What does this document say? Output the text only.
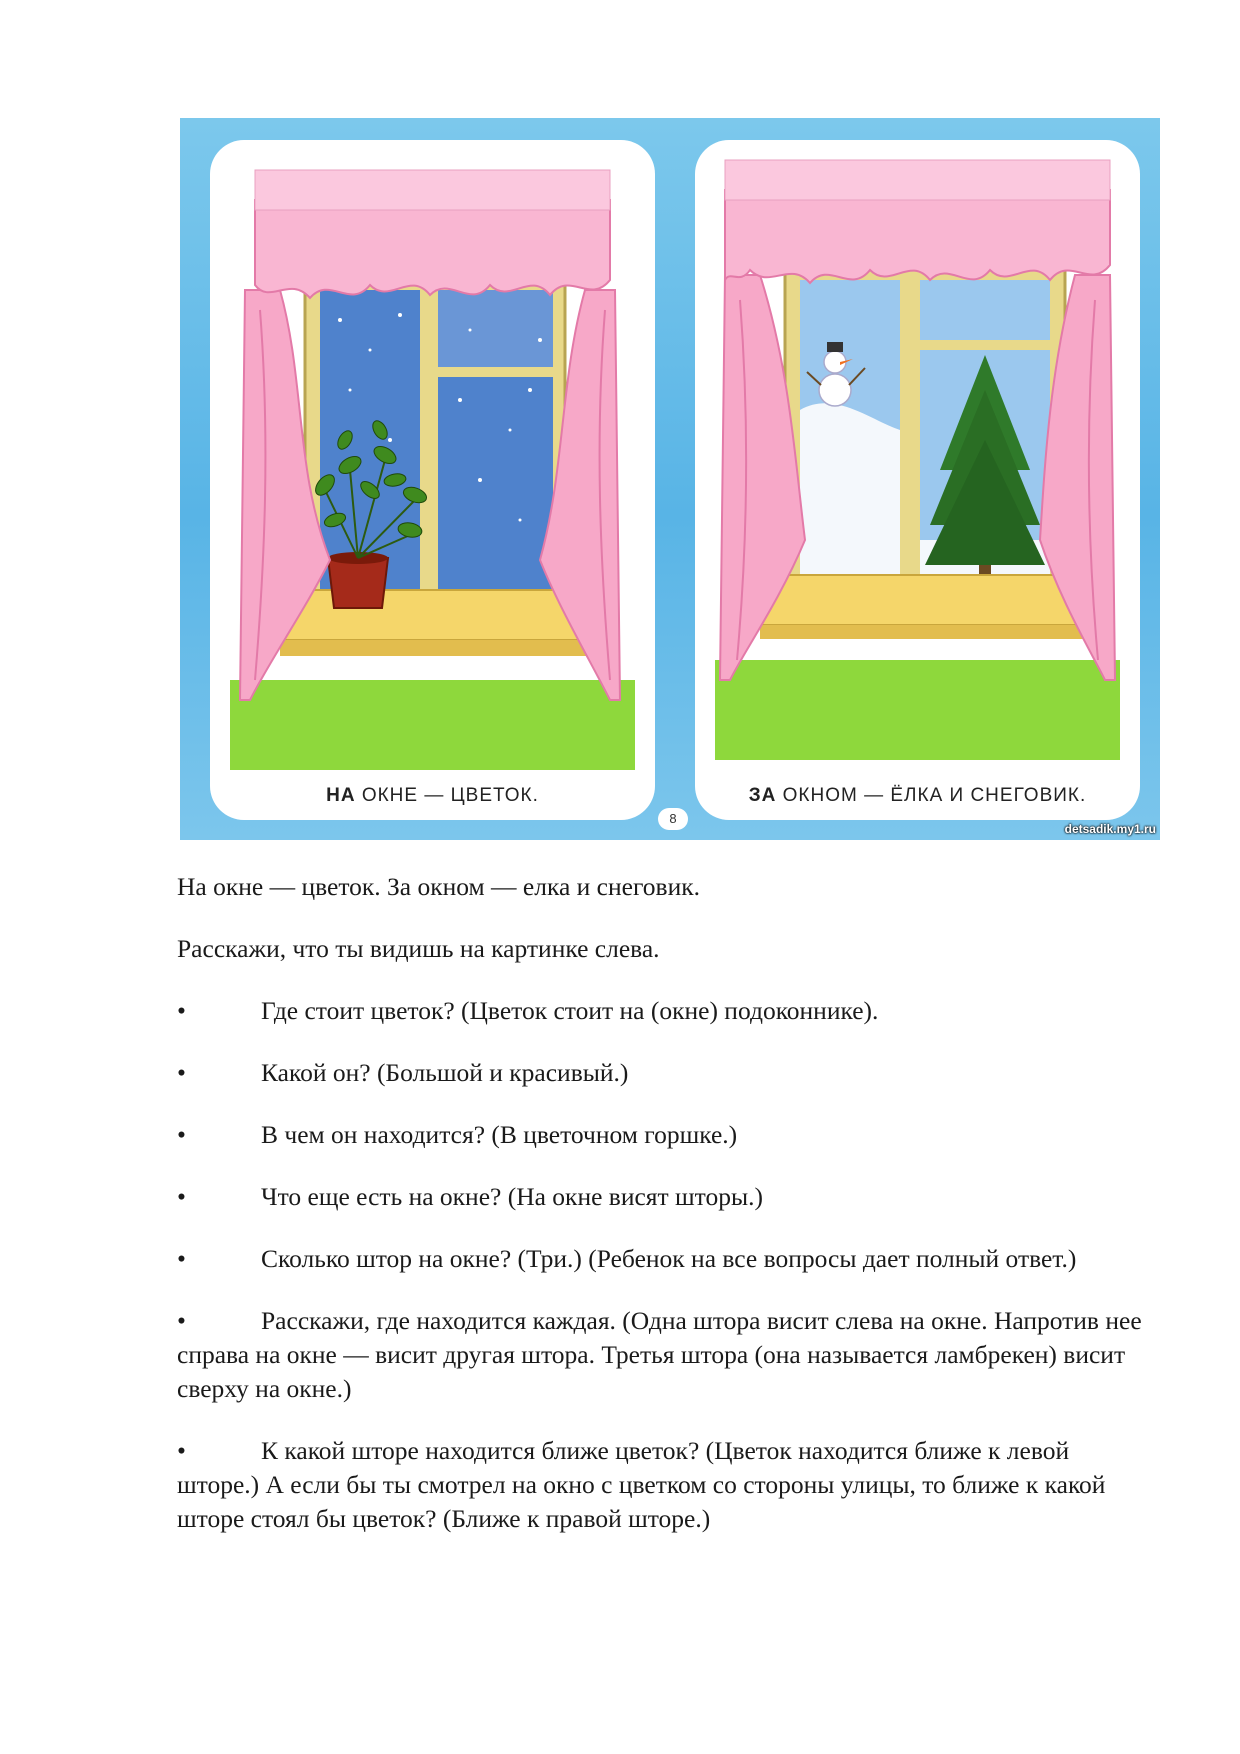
НА ОКНЕ — ЦВЕТОК.	ЗА ОКНОМ — ЁЛКА И СНЕГОВИК.
8
detsadik.my1.ru

На окне — цветок. За окном — елка и снеговик.

Расскажи, что ты видишь на картинке слева.

•	Где стоит цветок? (Цветок стоит на (окне) подоконнике).

•	Какой он? (Большой и красивый.)

•	В чем он находится? (В цветочном горшке.)

•	Что еще есть на окне? (На окне висят шторы.)

•	Сколько штор на окне? (Три.) (Ребенок на все вопросы дает полный ответ.)

•	Расскажи, где находится каждая. (Одна штора висит слева на окне. Напротив нее справа на окне — висит другая штора. Третья штора (она называется ламбрекен) висит сверху на окне.)

•	К какой шторе находится ближе цветок? (Цветок находится ближе к левой шторе.) А если бы ты смотрел на окно с цветком со стороны улицы, то ближе к какой шторе стоял бы цветок? (Ближе к правой шторе.)
